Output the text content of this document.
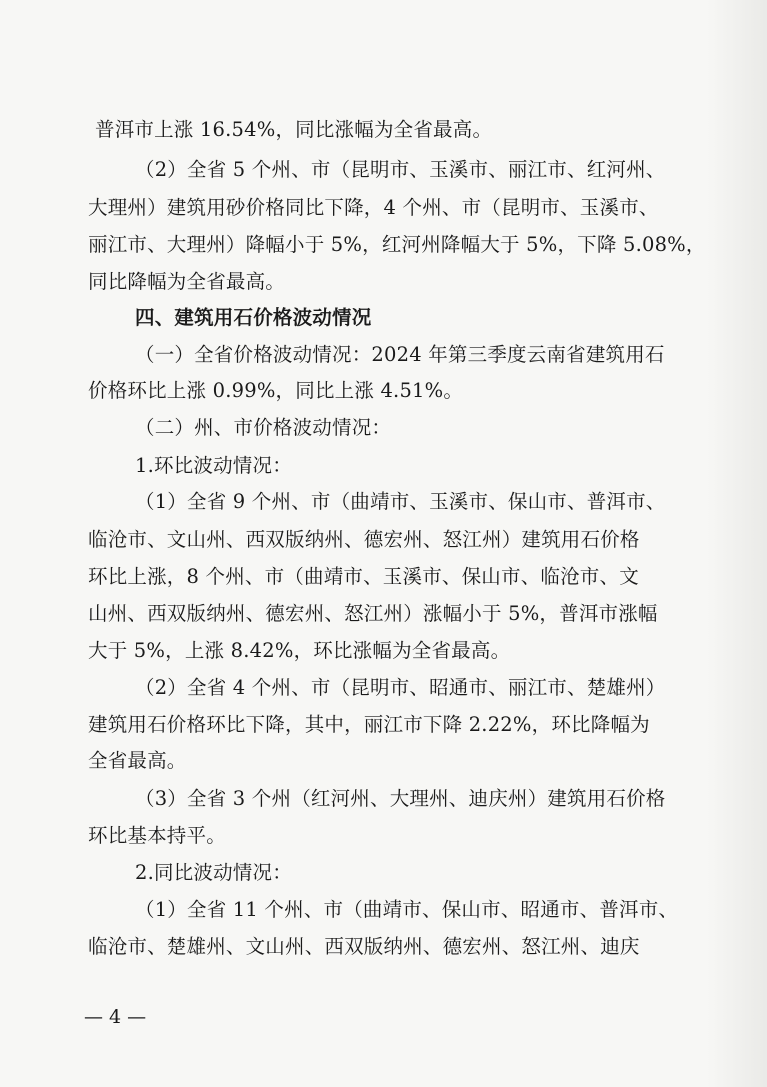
普洱市上涨 16.54%，同比涨幅为全省最高。
（2）全省 5 个州、市（昆明市、玉溪市、丽江市、红河州、
大理州）建筑用砂价格同比下降，4 个州、市（昆明市、玉溪市、
丽江市、大理州）降幅小于 5%，红河州降幅大于 5%，下降 5.08%，
同比降幅为全省最高。
四、建筑用石价格波动情况
（一）全省价格波动情况：2024 年第三季度云南省建筑用石
价格环比上涨 0.99%，同比上涨 4.51%。
（二）州、市价格波动情况：
1.环比波动情况：
（1）全省 9 个州、市（曲靖市、玉溪市、保山市、普洱市、
临沧市、文山州、西双版纳州、德宏州、怒江州）建筑用石价格
环比上涨，8 个州、市（曲靖市、玉溪市、保山市、临沧市、文
山州、西双版纳州、德宏州、怒江州）涨幅小于 5%，普洱市涨幅
大于 5%，上涨 8.42%，环比涨幅为全省最高。
（2）全省 4 个州、市（昆明市、昭通市、丽江市、楚雄州）
建筑用石价格环比下降，其中，丽江市下降 2.22%，环比降幅为
全省最高。
（3）全省 3 个州（红河州、大理州、迪庆州）建筑用石价格
环比基本持平。
2.同比波动情况：
（1）全省 11 个州、市（曲靖市、保山市、昭通市、普洱市、
临沧市、楚雄州、文山州、西双版纳州、德宏州、怒江州、迪庆
— 4 —
